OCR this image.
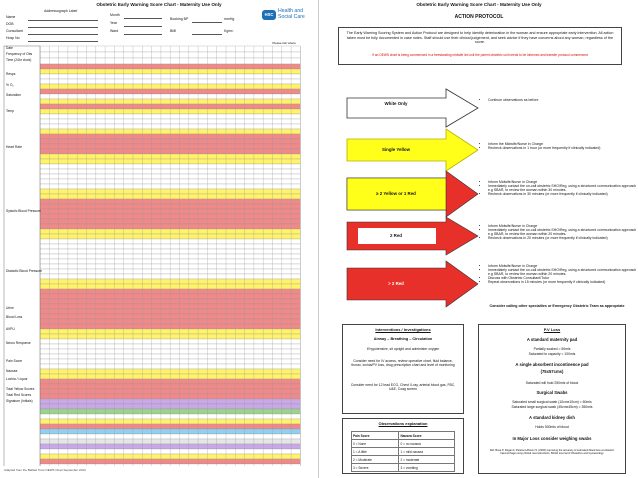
Obstetric Early Warning Score Chart - Maternity Use Only
Addressograph Label
Name
DOB
Consultant
Hosp No
Month
Year
Ward
Booking BP	mmHg
BMI	Kg/m²
HSC
Health and Social Care
Date
Frequency of Obs
Time (24hr clock)
Resps
% O₂
Saturation
Temp
Heart Rate
Systolic Blood Pressure
Diastolic Blood Pressure
Urine
Blood Loss
AVPU
Neuro Response
Pain Score
Nausea
Lochia / Liquor
Total Yellow Scores
Total Red Scores
Signature (Initials)
Please tick where
Adapted from the Belfast Trust OEWS Chart September 2013
Obstetric Early Warning Score Chart - Maternity Use Only
ACTION PROTOCOL
The Early Warning Scoring System and Action Protocol are designed to help identify deterioration in the woman and ensure appropriate early intervention. All action taken must be fully documented in case notes. Staff should use their clinical judgement, and seek advice if they have concerns about any woman, regardless of the score.
If an OEWS chart is being commenced in a freestanding midwife led unit the parent obstetric unit needs to be informed and transfer protocol commenced
White Only
• Continue observations as before
Single Yellow
• Inform the Midwife/Nurse in Charge
• Recheck observations in 1 hour (or more frequently if clinically indicated)
≥ 2 Yellow or 1 Red
• Inform Midwife/Nurse in Charge
• Immediately contact the on-call obstetric SHO/Reg, using a structured communication approach e.g SBAR, to review the woman within 30 minutes.
• Recheck observations in 30 minutes (or more frequently if clinically indicated)
2 Red
• Inform Midwife/Nurse in Charge
• Immediately contact the on-call obstetric SHO/Reg, using a structured communication approach e.g SBAR, to review the woman within 20 minutes.
• Recheck observations in 20 minutes (or more frequently if clinically indicated)
> 2 Red
• Inform Midwife/Nurse in Charge
• Immediately contact the on-call obstetric SHO/Reg, using a structured communication approach e.g SBAR, to review the woman within 20 minutes.
• Discuss with Obstetric Consultant/Tutor
• Repeat observations in 15 minutes (or more frequently if clinically indicated)
Consider calling other specialties or Emergency Obstetric Team as appropriate
Interventions / Investigations
Airway – Breathing – Circulation
If hypotensive, sit upright and administer oxygen
Consider need for IV access, review operative chart, fluid balance, thorax, lochia/PV loss, drug prescription chart and level of monitoring
Consider need for 12 lead ECG, Chest X-ray, arterial blood gas, FBC, U&E, Coag screen
Observations explanation
Pain Score	Nausea Score
0 = None	0 = no nausea
1 = A little	1 = mild nausea
2 = Moderate	2 = moderate
3 = Severe	3 = vomiting
P.V Loss
A standard maternity pad
Partially soaked = 50mls
Saturated to capacity = 100mls
A single absorbent incontinence pad
(75x57cms)
Saturated will hold 250mls of blood
Surgical Swabs
Saturated small surgical swab (10cmx10cm) = 60mls
Saturated large surgical swab (45cmx45cm) = 350mls
A standard kidney dish
Holds 500mls of blood
In Major Loss consider weighing swabs
Ref: Bose P, Regan F, Paterson-Brown S. (2006) Improving the accuracy of estimated blood loss at obstetric haemorrhage using clinical reconstructions. British Journal of Obstetrics and Gynaecology
